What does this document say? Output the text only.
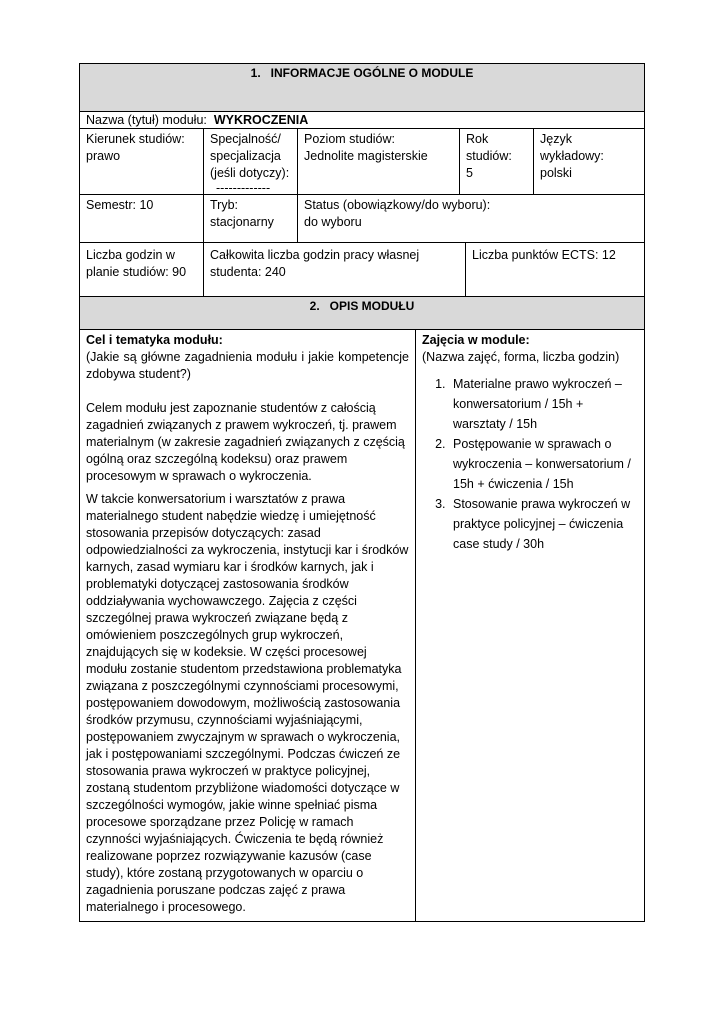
1.   INFORMACJE OGÓLNE O MODULE
Nazwa (tytuł) modułu: WYKROCZENIA
Kierunek studiów:
prawo
Specjalność/
specjalizacja
(jeśli dotyczy):
-------------
Poziom studiów:
Jednolite magisterskie
Rok
studiów:
5
Język wykładowy:
polski
Semestr: 10	Tryb:
stacjonarny
Status (obowiązkowy/do wyboru):
do wyboru
Liczba godzin w
planie studiów: 90
Całkowita liczba godzin pracy własnej
studenta: 240
Liczba punktów ECTS: 12
2.   OPIS MODUŁU
Cel i tematyka modułu:
(Jakie są główne zagadnienia modułu i jakie kompetencje zdobywa student?)

Celem modułu jest zapoznanie studentów z całością zagadnień związanych z prawem wykroczeń, tj. prawem materialnym (w zakresie zagadnień związanych z częścią ogólną oraz szczególną kodeksu) oraz prawem procesowym w sprawach o wykroczenia.

W takcie konwersatorium i warsztatów z prawa materialnego student nabędzie wiedzę i umiejętność stosowania przepisów dotyczących: zasad odpowiedzialności za wykroczenia, instytucji kar i środków karnych, zasad wymiaru kar i środków karnych, jak i problematyki dotyczącej zastosowania środków oddziaływania wychowawczego. Zajęcia z części szczególnej prawa wykroczeń związane będą z omówieniem poszczególnych grup wykroczeń, znajdujących się w kodeksie. W części procesowej modułu zostanie studentom przedstawiona problematyka związana z poszczególnymi czynnościami procesowymi, postępowaniem dowodowym, możliwością zastosowania środków przymusu, czynnościami wyjaśniającymi, postępowaniem zwyczajnym w sprawach o wykroczenia, jak i postępowaniami szczególnymi. Podczas ćwiczeń ze stosowania prawa wykroczeń w praktyce policyjnej, zostaną studentom przybliżone wiadomości dotyczące w szczególności wymogów, jakie winne spełniać pisma procesowe sporządzane przez Policję w ramach czynności wyjaśniających. Ćwiczenia te będą również realizowane poprzez rozwiązywanie kazusów (case study), które zostaną przygotowanych w oparciu o zagadnienia poruszane podczas zajęć z prawa materialnego i procesowego.

Zajęcia w module:
(Nazwa zajęć, forma, liczba godzin)
1. Materialne prawo wykroczeń – konwersatorium / 15h + warsztaty / 15h
2. Postępowanie w sprawach o wykroczenia – konwersatorium / 15h + ćwiczenia / 15h
3. Stosowanie prawa wykroczeń w praktyce policyjnej – ćwiczenia case study / 30h
